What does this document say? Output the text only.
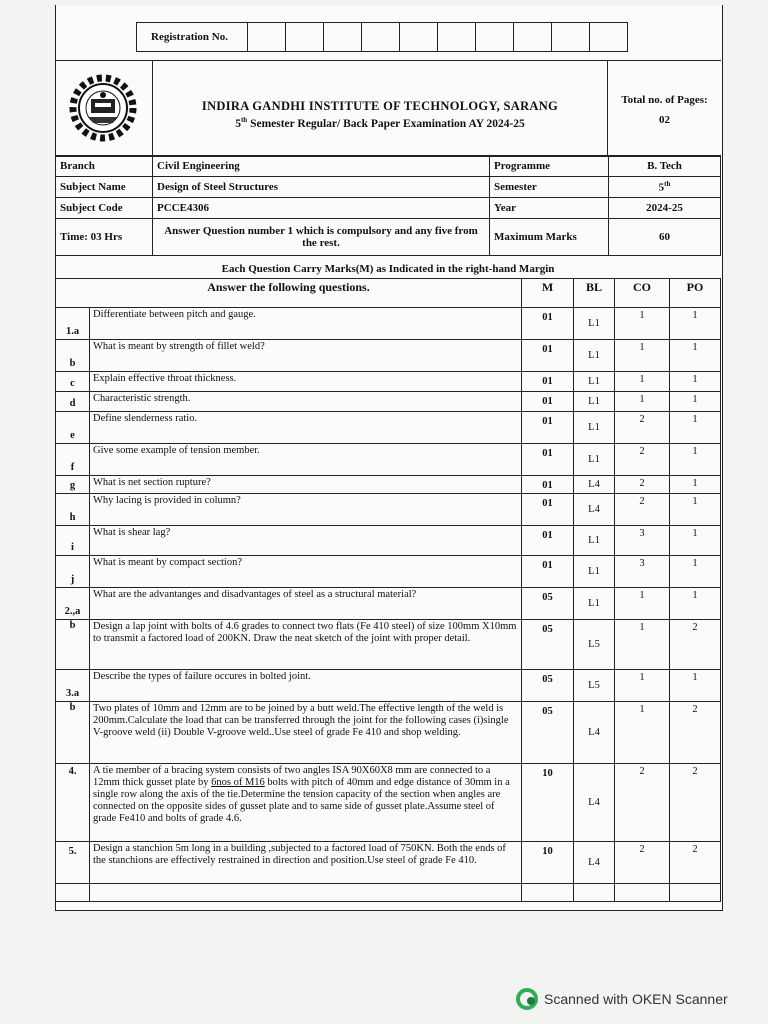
Registration No.
INDIRA GANDHI INSTITUTE OF TECHNOLOGY, SARANG
5th Semester Regular/ Back Paper Examination AY 2024-25
Total no. of Pages:
02
Branch	Civil Engineering	Programme	B. Tech
Subject Name	Design of Steel Structures	Semester	5th
Subject Code	PCCE4306	Year	2024-25
Time: 03 Hrs	Answer Question number 1 which is compulsory and any five from the rest.	Maximum Marks	60
Each Question Carry Marks(M) as Indicated in the right-hand Margin
Answer the following questions.		M	BL	CO	PO
1.a	Differentiate between pitch and gauge.	01	L1	1	1
b	What is meant by strength of fillet weld?	01	L1	1	1
c	Explain effective throat thickness.	01	L1	1	1
d	Characteristic strength.	01	L1	1	1
e	Define slenderness ratio.	01	L1	2	1
f	Give some example of tension member.	01	L1	2	1
g	What is net section rupture?	01	L4	2	1
h	Why lacing is provided in column?	01	L4	2	1
i	What is shear lag?	01	L1	3	1
j	What is meant by compact section?	01	L1	3	1
2.,a	What are the advantanges and disadvantages of steel as a structural material?	05	L1	1	1
b	Design a lap joint with bolts of 4.6 grades to connect two flats (Fe 410 steel) of size 100mm X10mm to transmit a factored load of 200KN. Draw the neat sketch of the joint with proper detail.	05	L5	1	2
3.a	Describe the types of failure occures in bolted joint.	05	L5	1	1
b	Two plates of 10mm and 12mm are to be joined by a butt weld.The effective length of the weld is 200mm.Calculate the load that can be transferred through the joint for the following cases (i)single V-groove weld (ii) Double V-groove weld..Use steel of grade Fe 410 and shop welding.	05	L4	1	2
4.	A tie member of a bracing system consists of two angles ISA 90X60X8 mm are connected to a 12mm thick gusset plate by 6nos of M16 bolts with pitch of 40mm and edge distance of 30mm in a single row along the axis of the tie.Determine the tension capacity of the section when angles are connected on the opposite sides of gusset plate and to same side of gusset plate.Assume steel of grade Fe410 and bolts of grade 4.6.	10	L4	2	2
5.	Design a stanchion 5m long in a building ,subjected to a factored load of 750KN. Both the ends of the stanchions are effectively restrained in direction and position.Use steel of grade Fe 410.	10	L4	2	2

Scanned with OKEN Scanner
